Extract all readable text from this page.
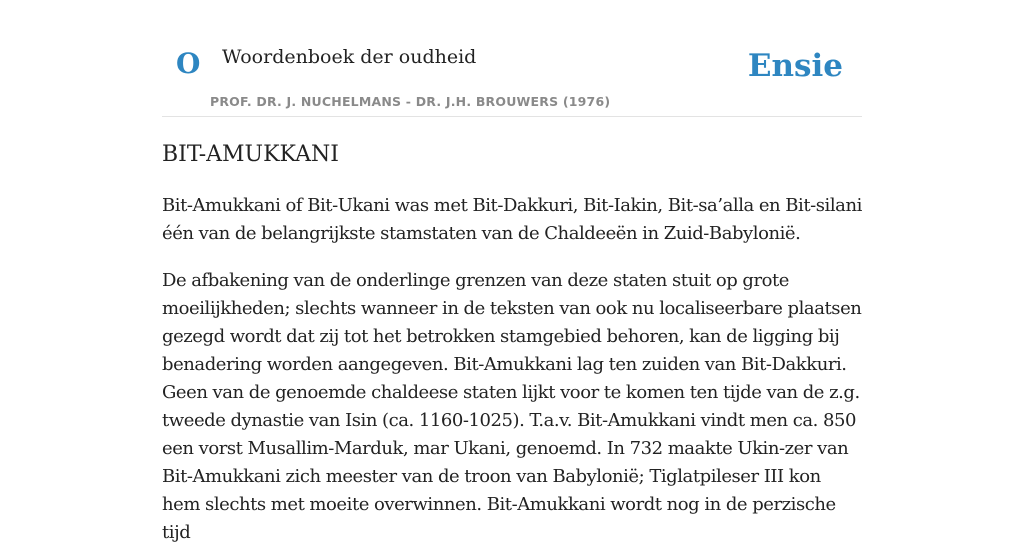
O Woordenboek der oudheid
PROF. DR. J. NUCHELMANS - DR. J.H. BROUWERS (1976)
Ensie
BIT-AMUKKANI

Bit-Amukkani of Bit-Ukani was met Bit-Dakkuri, Bit-Iakin, Bit-sa’alla en Bit-silani één van de belangrijkste stamstaten van de Chaldeeën in Zuid-Babylonië.

De afbakening van de onderlinge grenzen van deze staten stuit op grote moeilijkheden; slechts wanneer in de teksten van ook nu localiseerbare plaatsen gezegd wordt dat zij tot het betrokken stamgebied behoren, kan de ligging bij benadering worden aangegeven. Bit-Amukkani lag ten zuiden van Bit-Dakkuri. Geen van de genoemde chaldeese staten lijkt voor te komen ten tijde van de z.g. tweede dynastie van Isin (ca. 1160-1025). T.a.v. Bit-Amukkani vindt men ca. 850 een vorst Musallim-Marduk, mar Ukani, genoemd. In 732 maakte Ukin-zer van Bit-Amukkani zich meester van de troon van Babylonië; Tiglatpileser III kon hem slechts met moeite overwinnen. Bit-Amukkani wordt nog in de perzische tijd
